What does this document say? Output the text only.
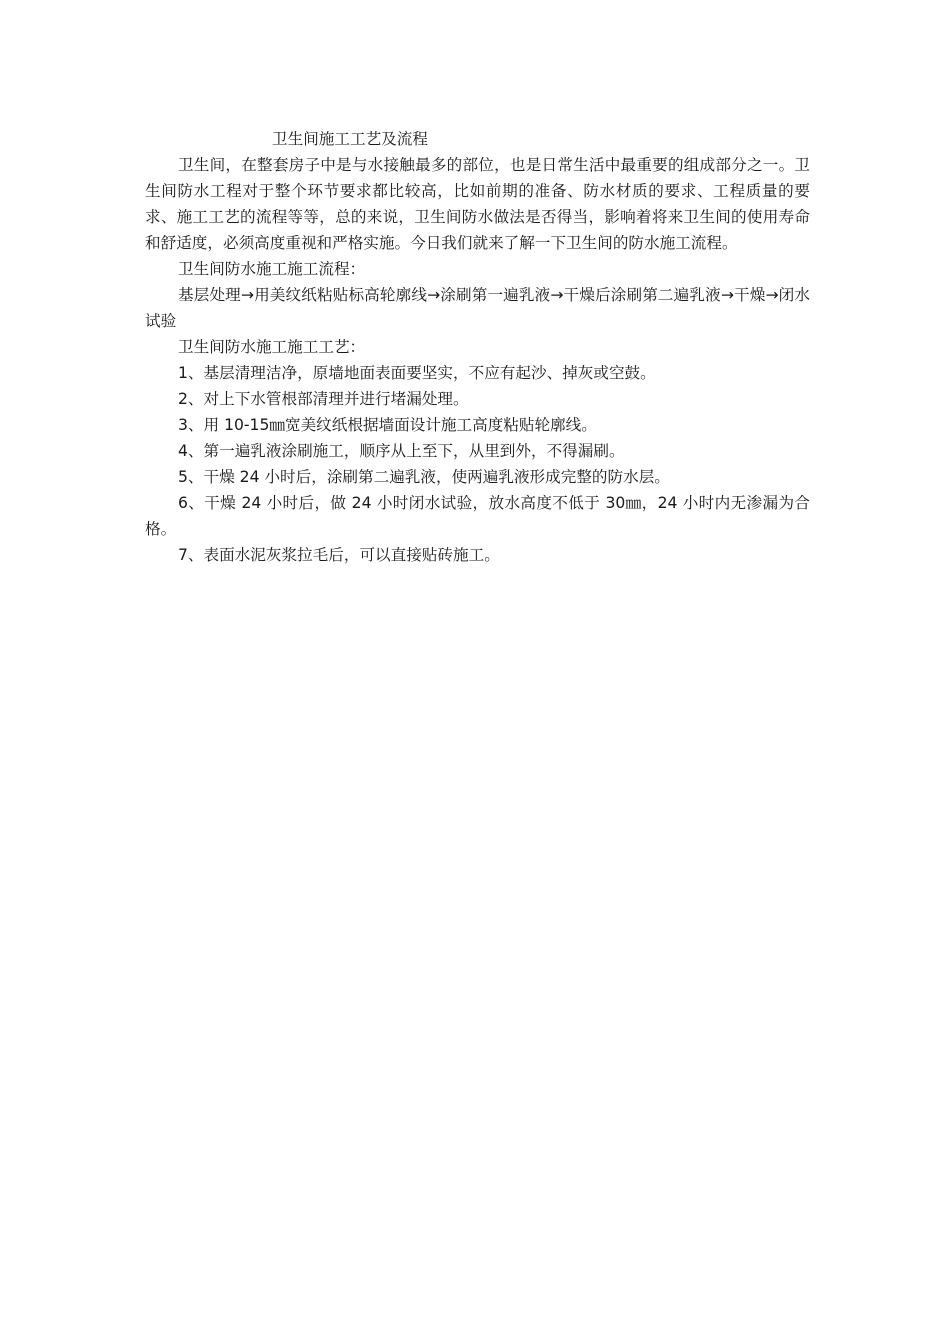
卫生间施工工艺及流程

卫生间，在整套房子中是与水接触最多的部位，也是日常生活中最重要的组成部分之一。卫生间防水工程对于整个环节要求都比较高，比如前期的准备、防水材质的要求、工程质量的要求、施工工艺的流程等等，总的来说，卫生间防水做法是否得当，影响着将来卫生间的使用寿命和舒适度，必须高度重视和严格实施。今日我们就来了解一下卫生间的防水施工流程。

卫生间防水施工施工流程：

基层处理→用美纹纸粘贴标高轮廓线→涂刷第一遍乳液→干燥后涂刷第二遍乳液→干燥→闭水试验

卫生间防水施工施工工艺：

1、基层清理洁净，原墙地面表面要坚实，不应有起沙、掉灰或空鼓。
2、对上下水管根部清理并进行堵漏处理。
3、用 10-15㎜宽美纹纸根据墙面设计施工高度粘贴轮廓线。
4、第一遍乳液涂刷施工，顺序从上至下，从里到外，不得漏刷。
5、干燥 24 小时后，涂刷第二遍乳液，使两遍乳液形成完整的防水层。
6、干燥 24 小时后，做 24 小时闭水试验，放水高度不低于 30㎜，24 小时内无渗漏为合格。
7、表面水泥灰浆拉毛后，可以直接贴砖施工。
